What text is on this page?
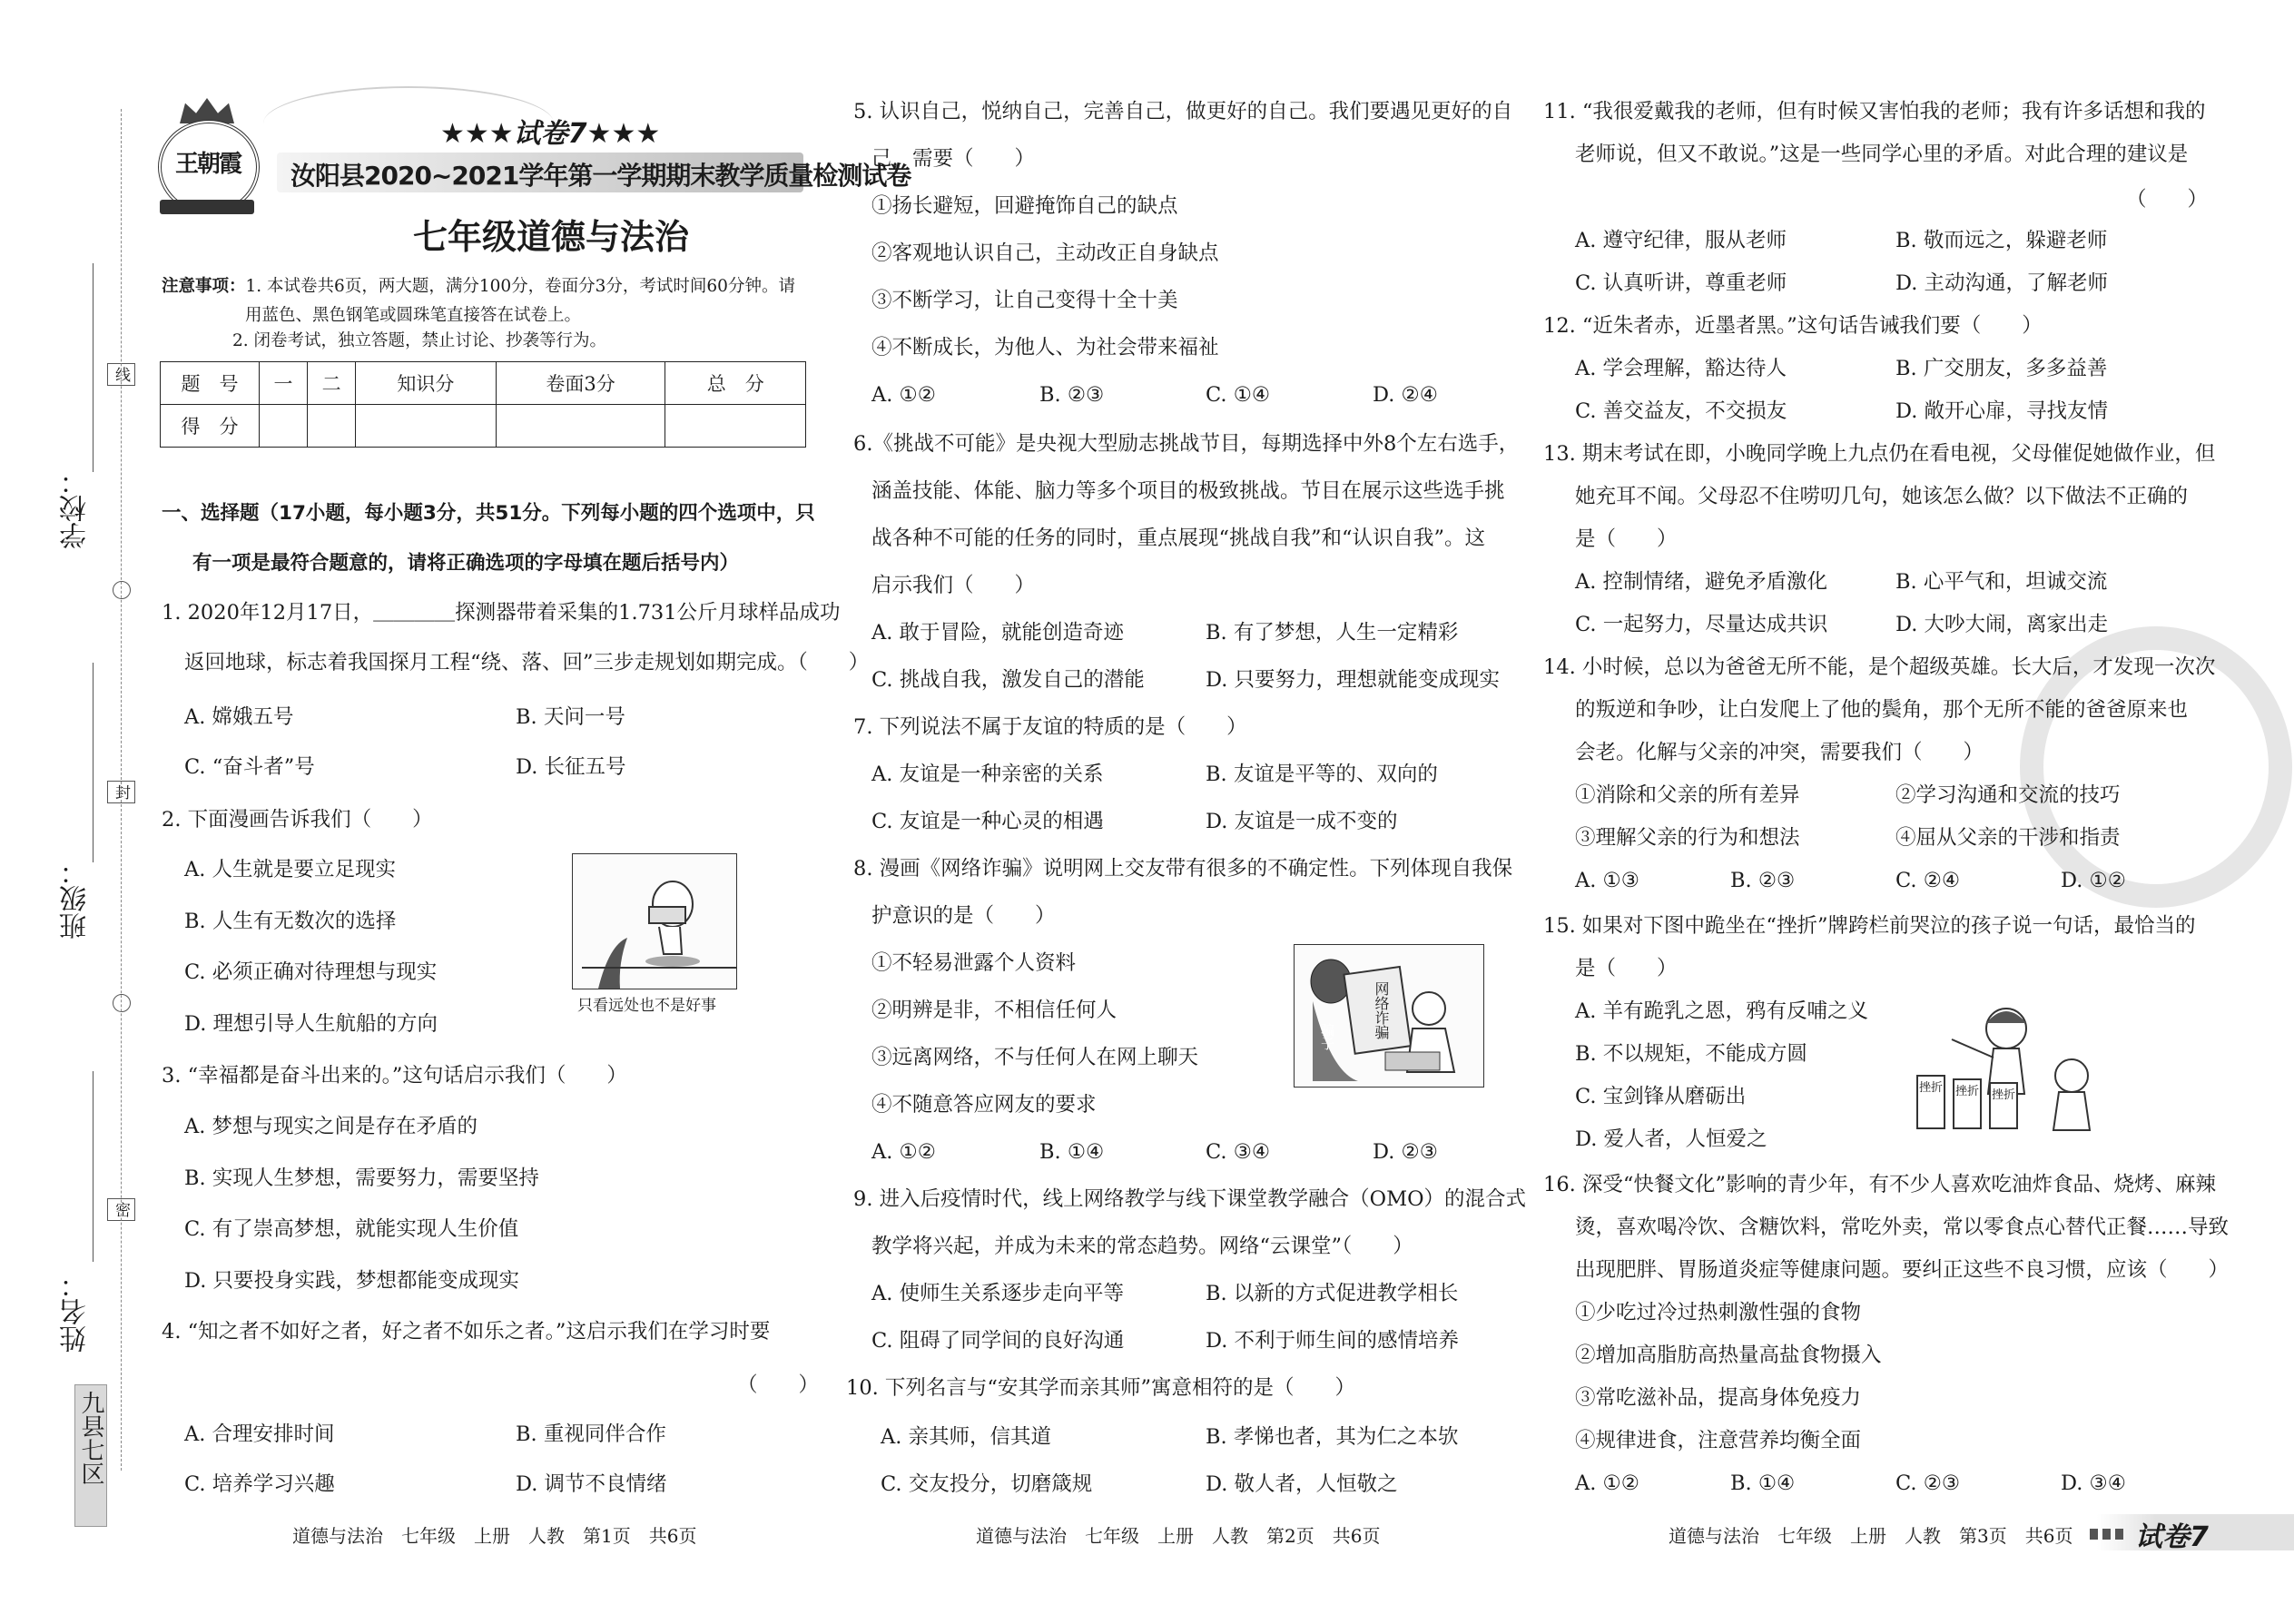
学校：
线
班级：
封
姓名：
密
九县七区
王朝霞
★★★试卷7★★★
汝阳县2020~2021学年第一学期期末教学质量检测试卷
七年级道德与法治
注意事项：1. 本试卷共6页，两大题，满分100分，卷面分3分，考试时间60分钟。请
用蓝色、黑色钢笔或圆珠笔直接答在试卷上。
2. 闭卷考试，独立答题，禁止讨论、抄袭等行为。
题　号	一	二	知识分	卷面3分	总　分
得　分					
一、选择题（17小题，每小题3分，共51分。下列每小题的四个选项中，只
有一项是最符合题意的，请将正确选项的字母填在题后括号内）
1. 2020年12月17日，＿＿＿＿探测器带着采集的1.731公斤月球样品成功
返回地球，标志着我国探月工程“绕、落、回”三步走规划如期完成。（　　）
A. 嫦娥五号	B. 天问一号
C. “奋斗者”号	D. 长征五号
2. 下面漫画告诉我们（　　）
A. 人生就是要立足现实
B. 人生有无数次的选择
C. 必须正确对待理想与现实
D. 理想引导人生航船的方向
只看远处也不是好事
3. “幸福都是奋斗出来的。”这句话启示我们（　　）
A. 梦想与现实之间是存在矛盾的
B. 实现人生梦想，需要努力，需要坚持
C. 有了崇高梦想，就能实现人生价值
D. 只要投身实践，梦想都能变成现实
4. “知之者不如好之者，好之者不如乐之者。”这启示我们在学习时要
（　　）
A. 合理安排时间	B. 重视同伴合作
C. 培养学习兴趣	D. 调节不良情绪
道德与法治　七年级　上册　人教　第1页　共6页
5. 认识自己，悦纳自己，完善自己，做更好的自己。我们要遇见更好的自
己，需要（　　）
①扬长避短，回避掩饰自己的缺点
②客观地认识自己，主动改正自身缺点
③不断学习，让自己变得十全十美
④不断成长，为他人、为社会带来福祉
A. ①②	B. ②③	C. ①④	D. ②④
6.《挑战不可能》是央视大型励志挑战节目，每期选择中外8个左右选手，
涵盖技能、体能、脑力等多个项目的极致挑战。节目在展示这些选手挑
战各种不可能的任务的同时，重点展现“挑战自我”和“认识自我”。这
启示我们（　　）
A. 敢于冒险，就能创造奇迹	B. 有了梦想，人生一定精彩
C. 挑战自我，激发自己的潜能	D. 只要努力，理想就能变成现实
7. 下列说法不属于友谊的特质的是（　　）
A. 友谊是一种亲密的关系	B. 友谊是平等的、双向的
C. 友谊是一种心灵的相遇	D. 友谊是一成不变的
8. 漫画《网络诈骗》说明网上交友带有很多的不确定性。下列体现自我保
护意识的是（　　）
①不轻易泄露个人资料
②明辨是非，不相信任何人
③远离网络，不与任何人在网上聊天
④不随意答应网友的要求
A. ①②	B. ①④	C. ③④	D. ②③
网络诈骗
骗子
9. 进入后疫情时代，线上网络教学与线下课堂教学融合（OMO）的混合式
教学将兴起，并成为未来的常态趋势。网络“云课堂”（　　）
A. 使师生关系逐步走向平等	B. 以新的方式促进教学相长
C. 阻碍了同学间的良好沟通	D. 不利于师生间的感情培养
10. 下列名言与“安其学而亲其师”寓意相符的是（　　）
A. 亲其师，信其道	B. 孝悌也者，其为仁之本欤
C. 交友投分，切磨箴规	D. 敬人者，人恒敬之
道德与法治　七年级　上册　人教　第2页　共6页
11. “我很爱戴我的老师，但有时候又害怕我的老师；我有许多话想和我的
老师说，但又不敢说。”这是一些同学心里的矛盾。对此合理的建议是
（　　）
A. 遵守纪律，服从老师	B. 敬而远之，躲避老师
C. 认真听讲，尊重老师	D. 主动沟通，了解老师
12. “近朱者赤，近墨者黑。”这句话告诫我们要（　　）
A. 学会理解，豁达待人	B. 广交朋友，多多益善
C. 善交益友，不交损友	D. 敞开心扉，寻找友情
13. 期末考试在即，小晚同学晚上九点仍在看电视，父母催促她做作业，但
她充耳不闻。父母忍不住唠叨几句，她该怎么做？以下做法不正确的
是（　　）
A. 控制情绪，避免矛盾激化	B. 心平气和，坦诚交流
C. 一起努力，尽量达成共识	D. 大吵大闹，离家出走
14. 小时候，总以为爸爸无所不能，是个超级英雄。长大后，才发现一次次
的叛逆和争吵，让白发爬上了他的鬓角，那个无所不能的爸爸原来也
会老。化解与父亲的冲突，需要我们（　　）
①消除和父亲的所有差异	②学习沟通和交流的技巧
③理解父亲的行为和想法	④屈从父亲的干涉和指责
A. ①③	B. ②③	C. ②④	D. ①②
15. 如果对下图中跪坐在“挫折”牌跨栏前哭泣的孩子说一句话，最恰当的
是（　　）
A. 羊有跪乳之恩，鸦有反哺之义
B. 不以规矩，不能成方圆
C. 宝剑锋从磨砺出
D. 爱人者，人恒爱之
挫折 挫折 挫折
16. 深受“快餐文化”影响的青少年，有不少人喜欢吃油炸食品、烧烤、麻辣
烫，喜欢喝冷饮、含糖饮料，常吃外卖，常以零食点心替代正餐……导致
出现肥胖、胃肠道炎症等健康问题。要纠正这些不良习惯，应该（　　）
①少吃过冷过热刺激性强的食物
②增加高脂肪高热量高盐食物摄入
③常吃滋补品，提高身体免疫力
④规律进食，注意营养均衡全面
A. ①②	B. ①④	C. ②③	D. ③④
道德与法治　七年级　上册　人教　第3页　共6页 试卷7
